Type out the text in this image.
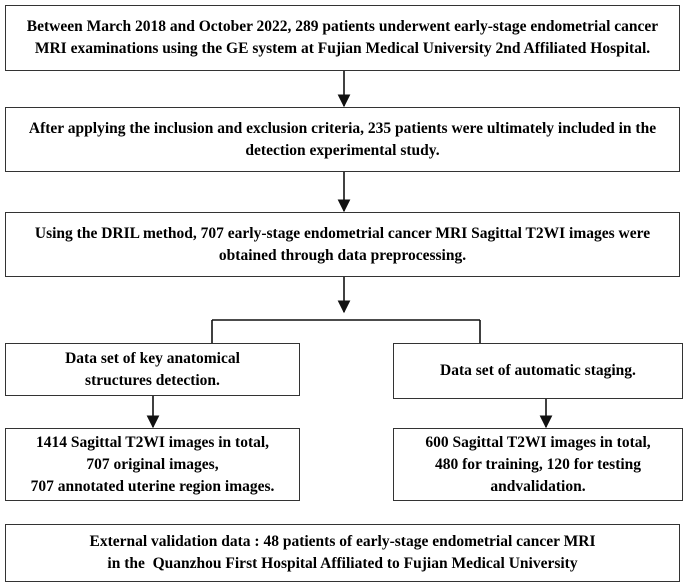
Between March 2018 and October 2022, 289 patients underwent early-stage endometrial cancer
MRI examinations using the GE system at Fujian Medical University 2nd Affiliated Hospital.
After applying the inclusion and exclusion criteria, 235 patients were ultimately included in the
detection experimental study.
Using the DRIL method, 707 early-stage endometrial cancer MRI Sagittal T2WI images were
obtained through data preprocessing.
Data set of key anatomical
structures detection.
Data set of automatic staging.
1414 Sagittal T2WI images in total,
707 original images,
707 annotated uterine region images.
600 Sagittal T2WI images in total,
480 for training, 120 for testing
andvalidation.
External validation data : 48 patients of early-stage endometrial cancer MRI
in the  Quanzhou First Hospital Affiliated to Fujian Medical University
